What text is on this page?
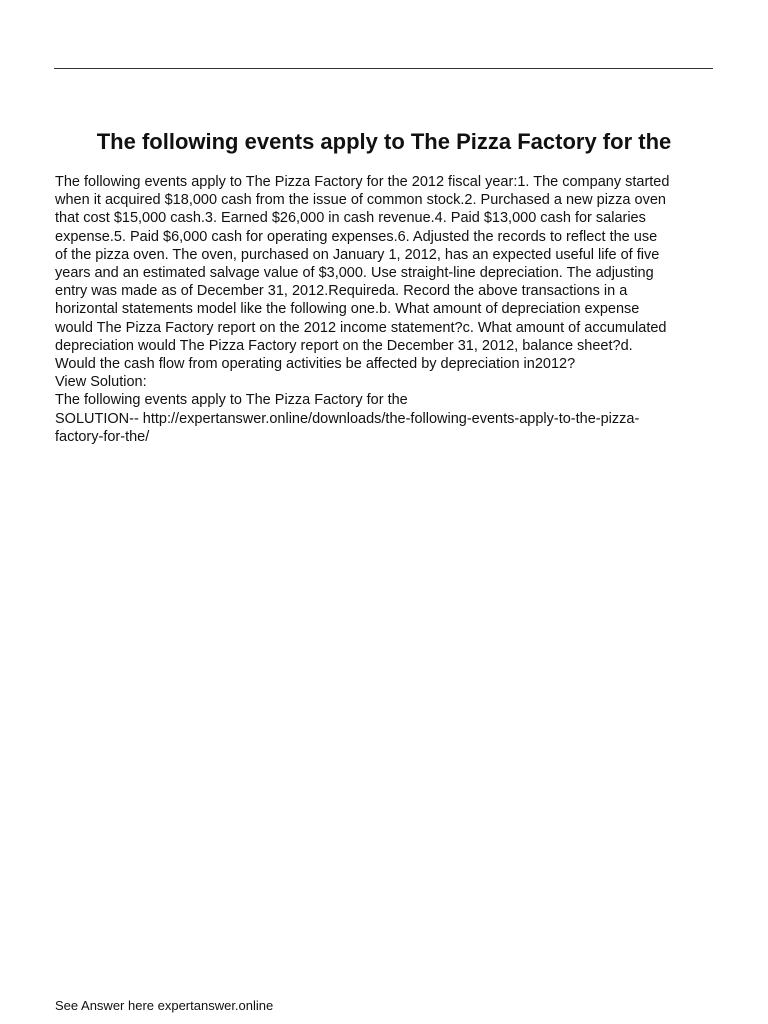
The following events apply to The Pizza Factory for the
The following events apply to The Pizza Factory for the 2012 fiscal year:1. The company started
when it acquired $18,000 cash from the issue of common stock.2. Purchased a new pizza oven
that cost $15,000 cash.3. Earned $26,000 in cash revenue.4. Paid $13,000 cash for salaries
expense.5. Paid $6,000 cash for operating expenses.6. Adjusted the records to reflect the use
of the pizza oven. The oven, purchased on January 1, 2012, has an expected useful life of five
years and an estimated salvage value of $3,000. Use straight-line depreciation. The adjusting
entry was made as of December 31, 2012.Requireda. Record the above transactions in a
horizontal statements model like the following one.b. What amount of depreciation expense
would The Pizza Factory report on the 2012 income statement?c. What amount of accumulated
depreciation would The Pizza Factory report on the December 31, 2012, balance sheet?d.
Would the cash flow from operating activities be affected by depreciation in2012?
View Solution:
The following events apply to The Pizza Factory for the
SOLUTION-- http://expertanswer.online/downloads/the-following-events-apply-to-the-pizza-
factory-for-the/
See Answer here expertanswer.online
